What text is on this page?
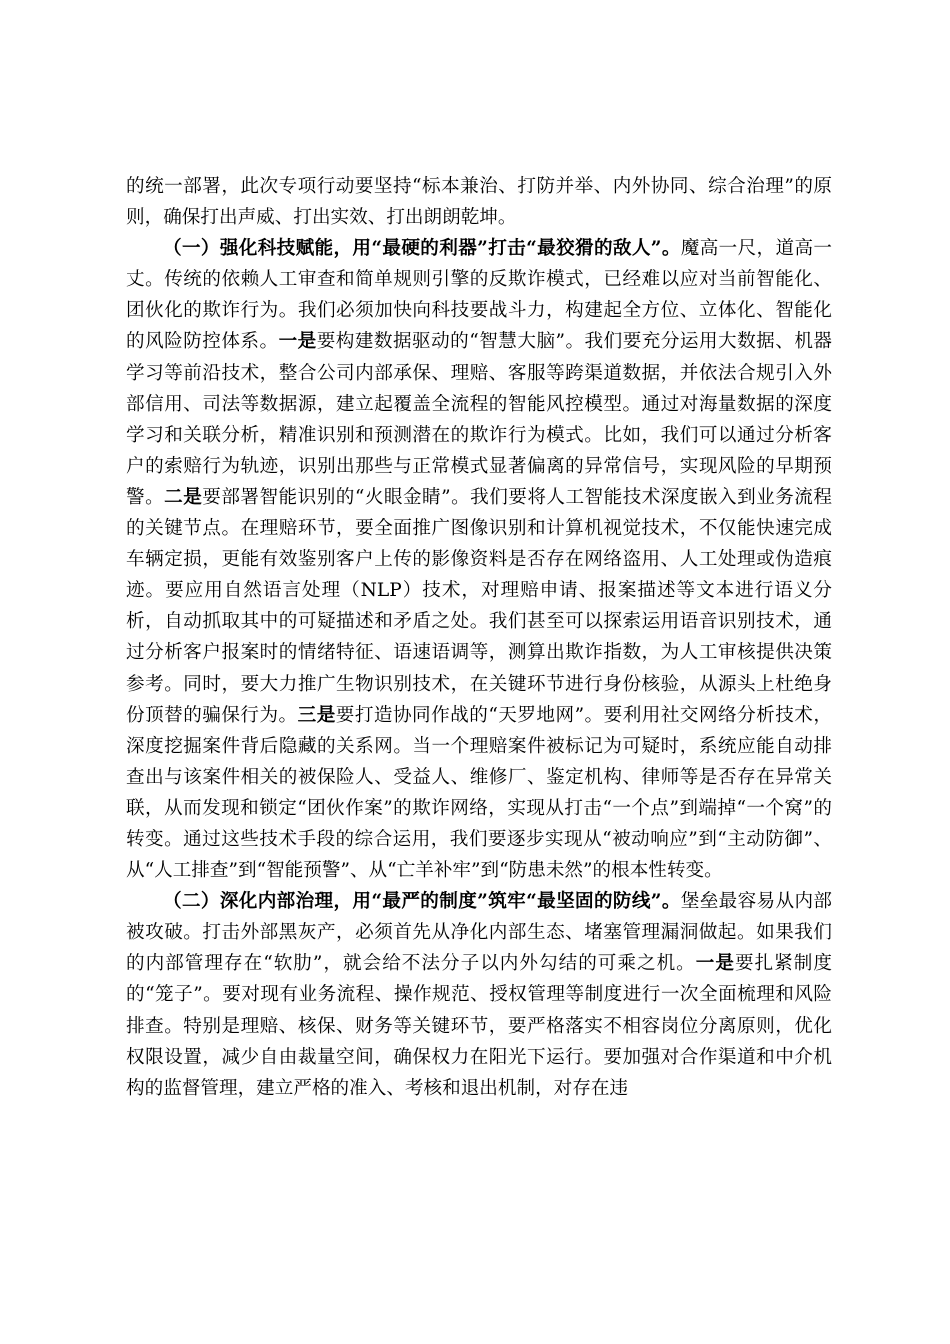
的统一部署，此次专项行动要坚持“标本兼治、打防并举、内外协同、综合治理”的原则，确保打出声威、打出实效、打出朗朗乾坤。

（一）强化科技赋能，用“最硬的利器”打击“最狡猾的敌人”。魔高一尺，道高一丈。传统的依赖人工审查和简单规则引擎的反欺诈模式，已经难以应对当前智能化、团伙化的欺诈行为。我们必须加快向科技要战斗力，构建起全方位、立体化、智能化的风险防控体系。一是要构建数据驱动的“智慧大脑”。我们要充分运用大数据、机器学习等前沿技术，整合公司内部承保、理赔、客服等跨渠道数据，并依法合规引入外部信用、司法等数据源，建立起覆盖全流程的智能风控模型。通过对海量数据的深度学习和关联分析，精准识别和预测潜在的欺诈行为模式。比如，我们可以通过分析客户的索赔行为轨迹，识别出那些与正常模式显著偏离的异常信号，实现风险的早期预警。二是要部署智能识别的“火眼金睛”。我们要将人工智能技术深度嵌入到业务流程的关键节点。在理赔环节，要全面推广图像识别和计算机视觉技术，不仅能快速完成车辆定损，更能有效鉴别客户上传的影像资料是否存在网络盗用、人工处理或伪造痕迹。要应用自然语言处理（NLP）技术，对理赔申请、报案描述等文本进行语义分析，自动抓取其中的可疑描述和矛盾之处。我们甚至可以探索运用语音识别技术，通过分析客户报案时的情绪特征、语速语调等，测算出欺诈指数，为人工审核提供决策参考。同时，要大力推广生物识别技术，在关键环节进行身份核验，从源头上杜绝身份顶替的骗保行为。三是要打造协同作战的“天罗地网”。要利用社交网络分析技术，深度挖掘案件背后隐藏的关系网。当一个理赔案件被标记为可疑时，系统应能自动排查出与该案件相关的被保险人、受益人、维修厂、鉴定机构、律师等是否存在异常关联，从而发现和锁定“团伙作案”的欺诈网络，实现从打击“一个点”到端掉“一个窝”的转变。通过这些技术手段的综合运用，我们要逐步实现从“被动响应”到“主动防御”、从“人工排查”到“智能预警”、从“亡羊补牢”到“防患未然”的根本性转变。

（二）深化内部治理，用“最严的制度”筑牢“最坚固的防线”。堡垒最容易从内部被攻破。打击外部黑灰产，必须首先从净化内部生态、堵塞管理漏洞做起。如果我们的内部管理存在“软肋”，就会给不法分子以内外勾结的可乘之机。一是要扎紧制度的“笼子”。要对现有业务流程、操作规范、授权管理等制度进行一次全面梳理和风险排查。特别是理赔、核保、财务等关键环节，要严格落实不相容岗位分离原则，优化权限设置，减少自由裁量空间，确保权力在阳光下运行。要加强对合作渠道和中介机构的监督管理，建立严格的准入、考核和退出机制，对存在违
